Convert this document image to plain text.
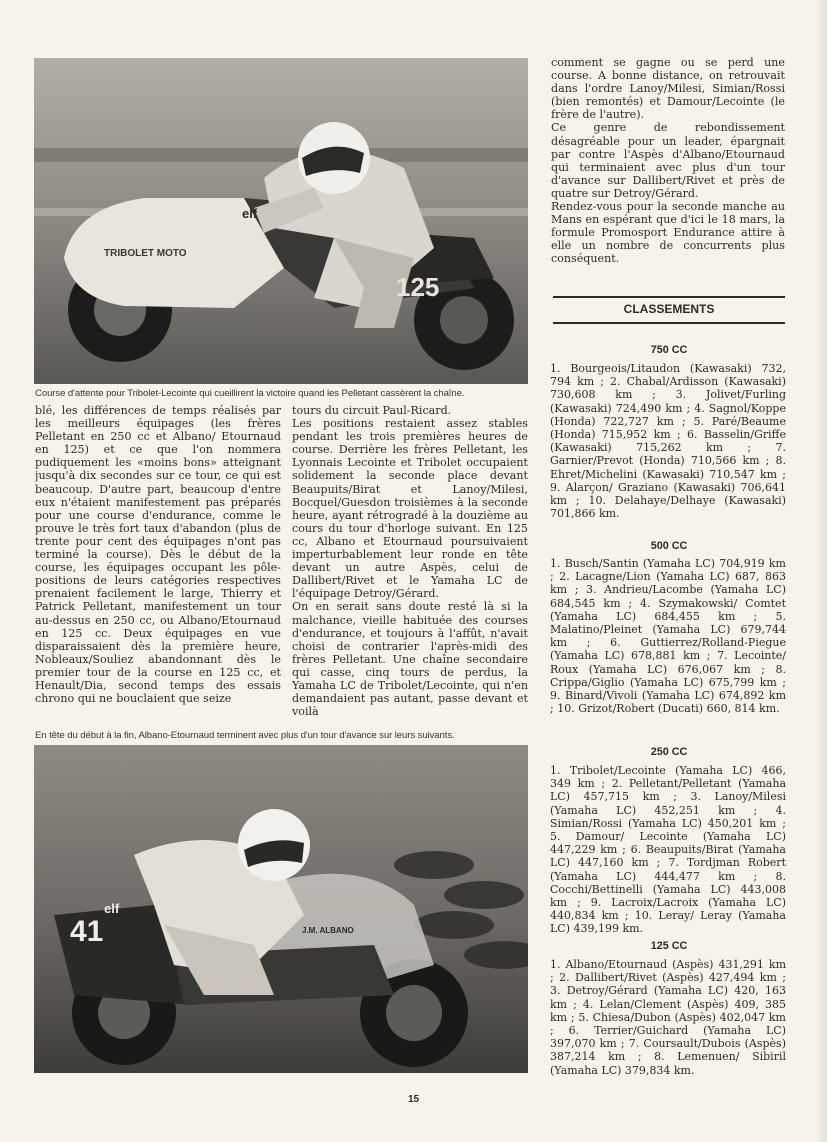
TRIBOLET MOTO
125
elf
Course d'attente pour Tribolet-Lecointe qui cueillirent la victoire quand les Pelletant cassèrent la chaîne.

blé, les différences de temps réalisés par les meilleurs équipages (les frères Pelletant en 250 cc et Albano/ Etournaud en 125) et ce que l'on nommera pudiquement les «moins bons» atteignant jusqu'à dix secondes sur ce tour, ce qui est beaucoup. D'autre part, beaucoup d'entre eux n'étaient manifestement pas préparés pour une course d'endurance, comme le prouve le très fort taux d'abandon (plus de trente pour cent des équipages n'ont pas terminé la course). Dès le début de la course, les équipages occupant les pôle-positions de leurs catégories respectives prenaient facilement le large, Thierry et Patrick Pelletant, manifestement un tour au-dessus en 250 cc, ou Albano/Etournaud en 125 cc. Deux équipages en vue disparaissaient dès la première heure, Nobleaux/Souliez abandonnant dès le premier tour de la course en 125 cc, et Henault/Dia, second temps des essais chrono qui ne bouclaient que seize

tours du circuit Paul-Ricard.

Les positions restaient assez stables pendant les trois premières heures de course. Derrière les frères Pelletant, les Lyonnais Lecointe et Tribolet occupaient solidement la seconde place devant Beaupuits/Birat et Lanoy/Milesi, Bocquel/Guesdon troisièmes à la seconde heure, ayant rétrogradé à la douzième au cours du tour d'horloge suivant. En 125 cc, Albano et Etournaud poursuivaient imperturbablement leur ronde en tête devant un autre Aspès, celui de Dallibert/Rivet et le Yamaha LC de l'équipage Detroy/Gérard.

On en serait sans doute resté là si la malchance, vieille habituée des courses d'endurance, et toujours à l'affût, n'avait choisi de contrarier l'après-midi des frères Pelletant. Une chaîne secondaire qui casse, cinq tours de perdus, la Yamaha LC de Tribolet/Lecointe, qui n'en demandaient pas autant, passe devant et voilà

En tête du début à la fin, Albano-Etournaud terminent avec plus d'un tour d'avance sur leurs suivants.
41
elf
J.M. ALBANO

comment se gagne ou se perd une course. A bonne distance, on retrouvait dans l'ordre Lanoy/Milesi, Simian/Rossi (bien remontés) et Damour/Lecointe (le frère de l'autre).

Ce genre de rebondissement désagréable pour un leader, épargnait par contre l'Aspès d'Albano/Etournaud qui terminaient avec plus d'un tour d'avance sur Dallibert/Rivet et près de quatre sur Detroy/Gérard.

Rendez-vous pour la seconde manche au Mans en espérant que d'ici le 18 mars, la formule Promosport Endurance attire à elle un nombre de concurrents plus conséquent.

CLASSEMENTS
750 CC
1. Bourgeois/Litaudon (Kawasaki) 732, 794 km ; 2. Chabal/Ardisson (Kawasaki) 730,608 km ; 3. Jolivet/Furling (Kawasaki) 724,490 km ; 4. Sagnol/Koppe (Honda) 722,727 km ; 5. Paré/Beaume (Honda) 715,952 km ; 6. Basselin/Griffe (Kawasaki) 715,262 km ; 7. Garnier/Prevot (Honda) 710,566 km ; 8. Ehret/Michelini (Kawasaki) 710,547 km ; 9. Alarçon/ Graziano (Kawasaki) 706,641 km ; 10. Delahaye/Delhaye (Kawasaki) 701,866 km.
500 CC
1. Busch/Santin (Yamaha LC) 704,919 km ; 2. Lacagne/Lion (Yamaha LC) 687, 863 km ; 3. Andrieu/Lacombe (Yamaha LC) 684,545 km ; 4. Szymakowski/ Comtet (Yamaha LC) 684,455 km ; 5. Malatino/Pleinet (Yamaha LC) 679,744 km ; 6. Guttierrez/Rolland-Piegue (Yamaha LC) 678,881 km ; 7. Lecointe/ Roux (Yamaha LC) 676,067 km ; 8. Crippa/Giglio (Yamaha LC) 675,799 km ; 9. Binard/Vivoli (Yamaha LC) 674,892 km ; 10. Grizot/Robert (Ducati) 660, 814 km.
250 CC
1. Tribolet/Lecointe (Yamaha LC) 466, 349 km ; 2. Pelletant/Pelletant (Yamaha LC) 457,715 km ; 3. Lanoy/Milesi (Yamaha LC) 452,251 km ; 4. Simian/Rossi (Yamaha LC) 450,201 km ; 5. Damour/ Lecointe (Yamaha LC) 447,229 km ; 6. Beaupuits/Birat (Yamaha LC) 447,160 km ; 7. Tordjman Robert (Yamaha LC) 444,477 km ; 8. Cocchi/Bettinelli (Yamaha LC) 443,008 km ; 9. Lacroix/Lacroix (Yamaha LC) 440,834 km ; 10. Leray/ Leray (Yamaha LC) 439,199 km.
125 CC
1. Albano/Etournaud (Aspès) 431,291 km ; 2. Dallibert/Rivet (Aspès) 427,494 km ; 3. Detroy/Gérard (Yamaha LC) 420, 163 km ; 4. Lelan/Clement (Aspès) 409, 385 km ; 5. Chiesa/Dubon (Aspès) 402,047 km ; 6. Terrier/Guichard (Yamaha LC) 397,070 km ; 7. Coursault/Dubois (Aspès) 387,214 km ; 8. Lemenuen/ Sibiril (Yamaha LC) 379,834 km.
15
